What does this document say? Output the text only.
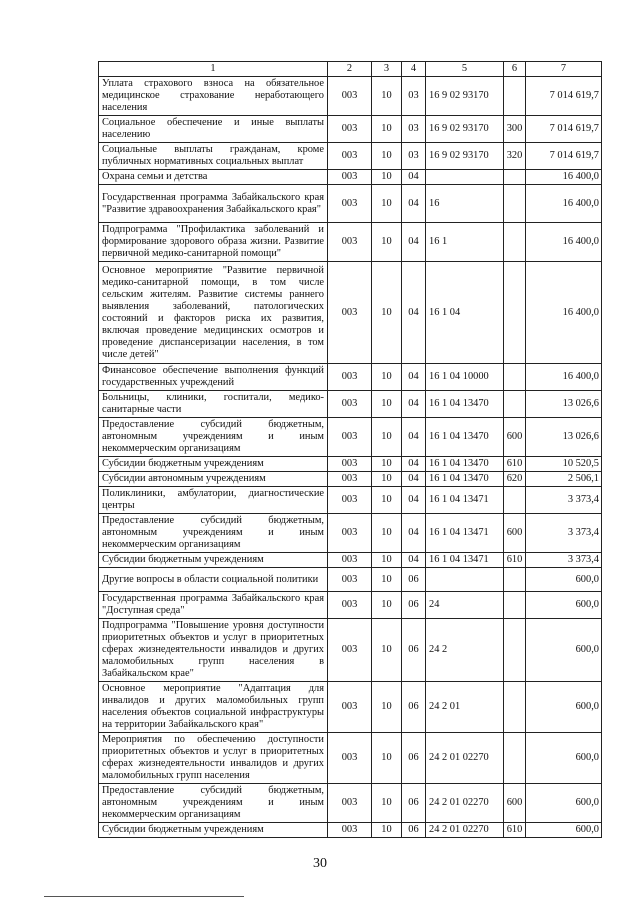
1	2	3	4	5	6	7
Уплата страхового взноса на обязательное медицинское страхование неработающего населения	003	10	03	16 9 02 93170		7 014 619,7
Социальное обеспечение и иные выплаты населению	003	10	03	16 9 02 93170	300	7 014 619,7
Социальные выплаты гражданам, кроме публичных нормативных социальных выплат	003	10	03	16 9 02 93170	320	7 014 619,7
Охрана семьи и детства	003	10	04			16 400,0
Государственная программа Забайкальского края "Развитие здравоохранения Забайкальского края"	003	10	04	16		16 400,0
Подпрограмма "Профилактика заболеваний и формирование здорового образа жизни. Развитие первичной медико-санитарной помощи"	003	10	04	16 1		16 400,0
Основное мероприятие "Развитие первичной медико-санитарной помощи, в том числе сельским жителям. Развитие системы раннего выявления заболеваний, патологических состояний и факторов риска их развития, включая проведение медицинских осмотров и проведение диспансеризации населения, в том числе детей"	003	10	04	16 1 04		16 400,0
Финансовое обеспечение выполнения функций государственных учреждений	003	10	04	16 1 04 10000		16 400,0
Больницы, клиники, госпитали, медико-санитарные части	003	10	04	16 1 04 13470		13 026,6
Предоставление субсидий бюджетным, автономным учреждениям и иным некоммерческим организациям	003	10	04	16 1 04 13470	600	13 026,6
Субсидии бюджетным учреждениям	003	10	04	16 1 04 13470	610	10 520,5
Субсидии автономным учреждениям	003	10	04	16 1 04 13470	620	2 506,1
Поликлиники, амбулатории, диагностические центры	003	10	04	16 1 04 13471		3 373,4
Предоставление субсидий бюджетным, автономным учреждениям и иным некоммерческим организациям	003	10	04	16 1 04 13471	600	3 373,4
Субсидии бюджетным учреждениям	003	10	04	16 1 04 13471	610	3 373,4
Другие вопросы в области социальной политики	003	10	06			600,0
Государственная программа Забайкальского края "Доступная среда"	003	10	06	24		600,0
Подпрограмма "Повышение уровня доступности приоритетных объектов и услуг в приоритетных сферах жизнедеятельности инвалидов и других маломобильных групп населения в Забайкальском крае"	003	10	06	24 2		600,0
Основное мероприятие "Адаптация для инвалидов и других маломобильных групп населения объектов социальной инфраструктуры на территории Забайкальского края"	003	10	06	24 2 01		600,0
Мероприятия по обеспечению доступности приоритетных объектов и услуг в приоритетных сферах жизнедеятельности инвалидов и других маломобильных групп населения	003	10	06	24 2 01 02270		600,0
Предоставление субсидий бюджетным, автономным учреждениям и иным некоммерческим организациям	003	10	06	24 2 01 02270	600	600,0
Субсидии бюджетным учреждениям	003	10	06	24 2 01 02270	610	600,0
30
